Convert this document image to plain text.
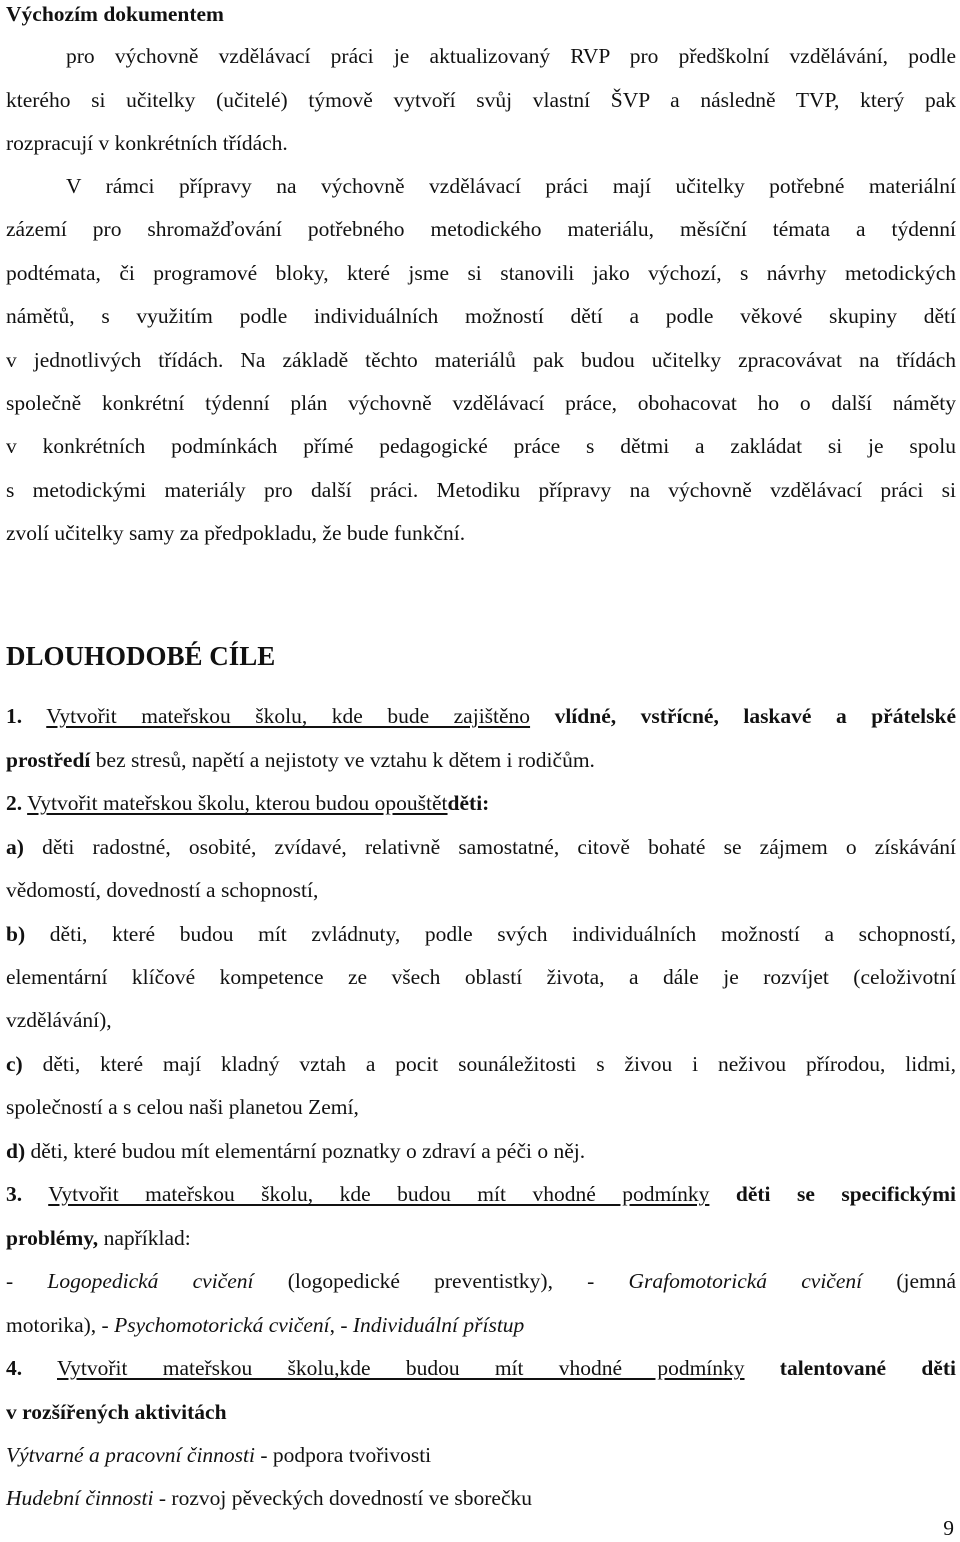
Výchozím dokumentem
pro výchovně vzdělávací práci je aktualizovaný RVP pro předškolní vzdělávání, podle
kterého si učitelky (učitelé) týmově vytvoří svůj vlastní ŠVP a následně TVP, který pak
rozpracují v konkrétních třídách.
V rámci přípravy na výchovně vzdělávací práci mají učitelky potřebné materiální
zázemí pro shromažďování potřebného metodického materiálu, měsíční témata a týdenní
podtémata, či programové bloky, které jsme si stanovili jako výchozí, s návrhy metodických
námětů, s využitím podle individuálních možností dětí a podle věkové skupiny dětí
v jednotlivých třídách. Na základě těchto materiálů pak budou učitelky zpracovávat na třídách
společně konkrétní týdenní plán výchovně vzdělávací práce, obohacovat ho o další náměty
v konkrétních podmínkách přímé pedagogické práce s dětmi a zakládat si je spolu
s metodickými materiály pro další práci. Metodiku přípravy na výchovně vzdělávací práci si
zvolí učitelky samy za předpokladu, že bude funkční.
DLOUHODOBÉ CÍLE
1. Vytvořit mateřskou školu, kde bude zajištěno vlídné, vstřícné, laskavé a přátelské
prostředí bez stresů, napětí a nejistoty ve vztahu k dětem i rodičům.
2. Vytvořit mateřskou školu, kterou budou opouštětděti:
a) děti radostné, osobité, zvídavé, relativně samostatné, citově bohaté se zájmem o získávání
vědomostí, dovedností a schopností,
b) děti, které budou mít zvládnuty, podle svých individuálních možností a schopností,
elementární klíčové kompetence ze všech oblastí života, a dále je rozvíjet (celoživotní
vzdělávání),
c) děti, které mají kladný vztah a pocit sounáležitosti s živou i neživou přírodou, lidmi,
společností a s celou naši planetou Zemí,
d) děti, které budou mít elementární poznatky o zdraví a péči o něj.
3. Vytvořit mateřskou školu, kde budou mít vhodné podmínky děti se specifickými
problémy, například:
- Logopedická cvičení (logopedické preventistky), - Grafomotorická cvičení (jemná
motorika), - Psychomotorická cvičení, - Individuální přístup
4. Vytvořit mateřskou školu,kde budou mít vhodné podmínky talentované děti
v rozšířených aktivitách
Výtvarné a pracovní činnosti - podpora tvořivosti
Hudební činnosti - rozvoj pěveckých dovedností ve sborečku
9
